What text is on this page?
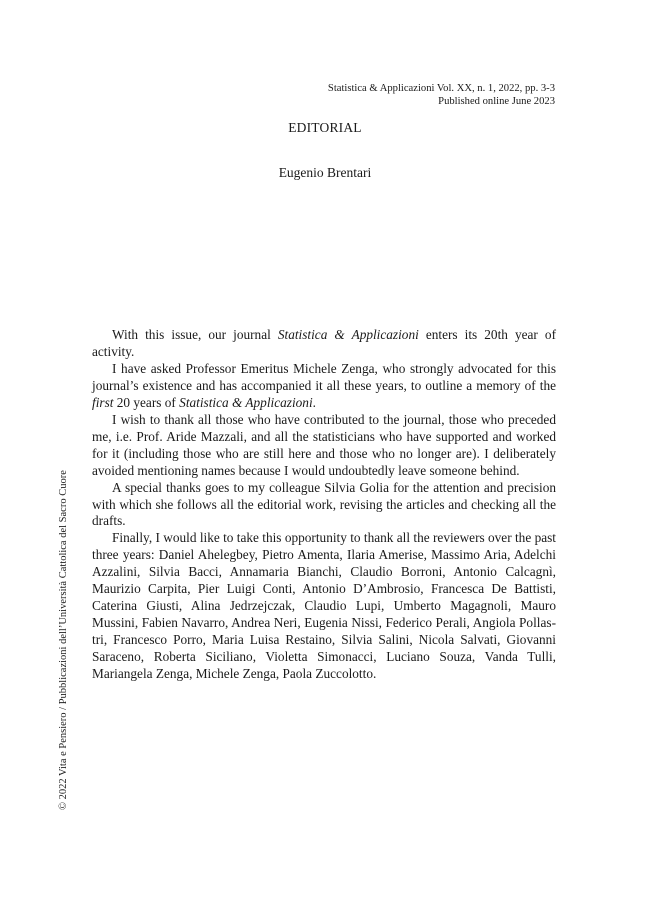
Statistica & Applicazioni Vol. XX, n. 1, 2022, pp. 3-3
Published online June 2023
EDITORIAL
Eugenio Brentari

With this issue, our journal Statistica & Applicazioni enters its 20th year of activity.

I have asked Professor Emeritus Michele Zenga, who strongly advocated for this journal’s existence and has accompanied it all these years, to outline a memory of the first 20 years of Statistica & Applicazioni.

I wish to thank all those who have contributed to the journal, those who preceded me, i.e. Prof. Aride Mazzali, and all the statisticians who have supported and worked for it (including those who are still here and those who no longer are). I deliberately avoided mentioning names because I would undoubtedly leave someone behind.

A special thanks goes to my colleague Silvia Golia for the attention and precision with which she follows all the editorial work, revising the articles and checking all the drafts.

Finally, I would like to take this opportunity to thank all the reviewers over the past three years: Daniel Ahelegbey, Pietro Amenta, Ilaria Amerise, Massimo Aria, Adelchi Azzalini, Silvia Bacci, Annamaria Bianchi, Claudio Borroni, Antonio Calcagnì, Maurizio Carpita, Pier Luigi Conti, Antonio D’Ambrosio, Francesca De Battisti, Caterina Giusti, Alina Jedrzejczak, Claudio Lupi, Umberto Magagnoli, Mauro Mussini, Fabien Navarro, Andrea Neri, Eugenia Nissi, Federico Perali, Angiola Pollastri, Francesco Porro, Maria Luisa Restaino, Silvia Salini, Nicola Salvati, Giovanni Saraceno, Roberta Siciliano, Violetta Simonacci, Luciano Souza, Vanda Tulli, Mariangela Zenga, Michele Zenga, Paola Zuccolotto.

© 2022 Vita e Pensiero / Pubblicazioni dell’Università Cattolica del Sacro Cuore
